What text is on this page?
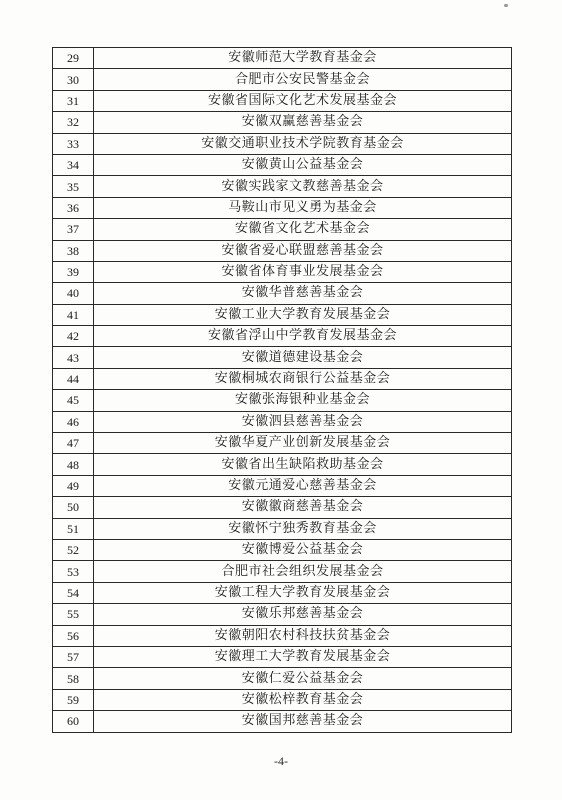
29	安徽师范大学教育基金会
30	合肥市公安民警基金会
31	安徽省国际文化艺术发展基金会
32	安徽双赢慈善基金会
33	安徽交通职业技术学院教育基金会
34	安徽黄山公益基金会
35	安徽实践家文教慈善基金会
36	马鞍山市见义勇为基金会
37	安徽省文化艺术基金会
38	安徽省爱心联盟慈善基金会
39	安徽省体育事业发展基金会
40	安徽华普慈善基金会
41	安徽工业大学教育发展基金会
42	安徽省浮山中学教育发展基金会
43	安徽道德建设基金会
44	安徽桐城农商银行公益基金会
45	安徽张海银种业基金会
46	安徽泗县慈善基金会
47	安徽华夏产业创新发展基金会
48	安徽省出生缺陷救助基金会
49	安徽元通爱心慈善基金会
50	安徽徽商慈善基金会
51	安徽怀宁独秀教育基金会
52	安徽博爱公益基金会
53	合肥市社会组织发展基金会
54	安徽工程大学教育发展基金会
55	安徽乐邦慈善基金会
56	安徽朝阳农村科技扶贫基金会
57	安徽理工大学教育发展基金会
58	安徽仁爱公益基金会
59	安徽松梓教育基金会
60	安徽国邦慈善基金会
-4-
